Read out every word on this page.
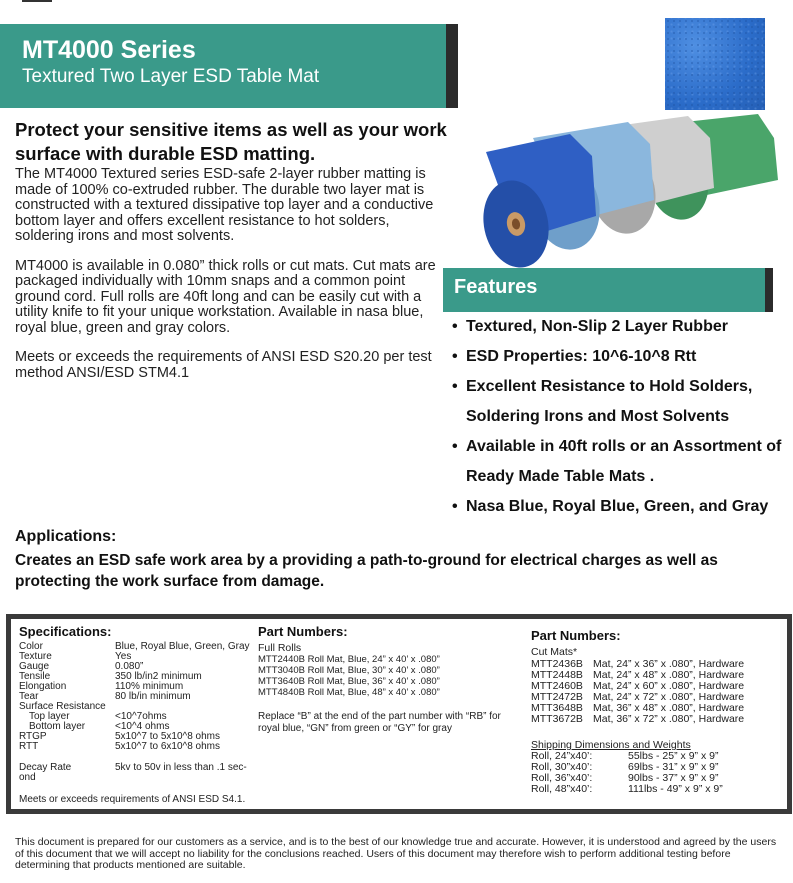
MT4000 Series
Textured Two Layer ESD Table Mat
Protect your sensitive items as well as your work surface with durable ESD matting.

The MT4000 Textured series ESD-safe 2-layer rubber matting is made of 100% co-extruded rubber. The durable two layer mat is constructed with a textured dissipative top layer and a conductive bottom layer and offers excellent resistance to hot solders, soldering irons and most solvents.

MT4000 is available in 0.080” thick rolls or cut mats. Cut mats are packaged individually with 10mm snaps and a common point ground cord. Full rolls are 40ft long and can be easily cut with a utility knife to fit your unique workstation. Available in nasa blue, royal blue, green and gray colors.

Meets or exceeds the requirements of ANSI ESD S20.20 per test method ANSI/ESD STM4.1

Features
• Textured, Non-Slip 2 Layer Rubber
• ESD Properties: 10^6-10^8 Rtt
• Excellent Resistance to Hold Solders, Soldering Irons and Most Solvents
• Available in 40ft rolls or an Assortment of Ready Made Table Mats .
• Nasa Blue, Royal Blue, Green, and Gray
Applications:
Creates an ESD safe work area by a providing a path-to-ground for electrical charges as well as protecting the work surface from damage.
Specifications:
Color	Blue, Royal Blue, Green, Gray
Texture	Yes
Gauge	0.080”
Tensile	350 lb/in2 minimum
Elongation	110% minimum
Tear	80 lb/in minimum
Surface Resistance
Top layer	<10^7ohms
Bottom layer	<10^4 ohms
RTGP	5x10^7 to 5x10^8 ohms
RTT	5x10^7 to 6x10^8 ohms
Decay Rate	5kv to 50v in less than .1 sec-
ond
Meets or exceeds requirements of ANSI ESD S4.1.
Part Numbers:
Full Rolls
MTT2440B Roll Mat, Blue, 24” x 40’ x .080”
MTT3040B Roll Mat, Blue, 30” x 40’ x .080”
MTT3640B Roll Mat, Blue, 36” x 40’ x .080”
MTT4840B Roll Mat, Blue, 48” x 40’ x .080”
Replace “B” at the end of the part number with “RB” for royal blue, “GN” from green or “GY” for gray
Part Numbers:
Cut Mats*
MTT2436B Mat, 24” x 36” x .080”, Hardware
MTT2448B Mat, 24” x 48” x .080”, Hardware
MTT2460B Mat, 24” x 60” x .080”, Hardware
MTT2472B Mat, 24” x 72” x .080”, Hardware
MTT3648B Mat, 36” x 48” x .080”, Hardware
MTT3672B Mat, 36” x 72” x .080”, Hardware
Shipping Dimensions and Weights
Roll, 24”x40’:	55lbs - 25” x 9” x 9”
Roll, 30”x40’:	69lbs - 31” x 9” x 9”
Roll, 36”x40’:	90lbs - 37” x 9” x 9”
Roll, 48”x40’:	111lbs - 49” x 9” x 9”
This document is prepared for our customers as a service, and is to the best of our knowledge true and accurate. However, it is understood and agreed by the users of this document that we will accept no liability for the conclusions reached. Users of this document may therefore wish to perform additional testing before determining that products mentioned are suitable.
